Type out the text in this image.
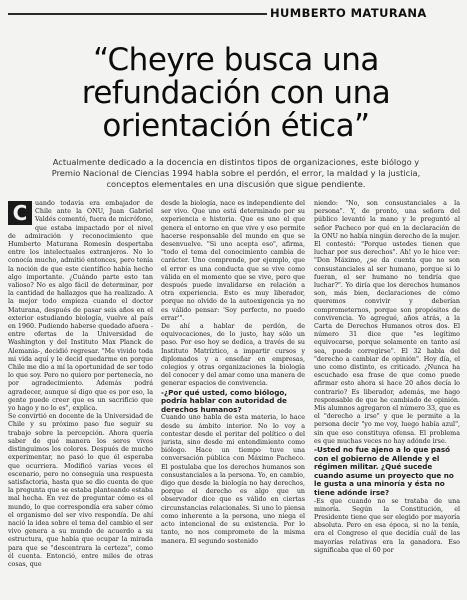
HUMBERTO MATURANA
“Cheyre busca una
refundación con una
orientación ética”
Actualmente dedicado a la docencia en distintos tipos de organizaciones, este biólogo y
Premio Nacional de Ciencias 1994 habla sobre el perdón, el error, la maldad y la justicia,
conceptos elementales en una discusión que sigue pendiente.
C	uando todavía era embajador de Chile ante la ONU, Juan Gabriel Valdés comentó, fuera de micrófono, que estaba impactado por el nivel de admiración y reconocimiento que Humberto Maturana Romesín despertaba entre los intelectuales extranjeros. No lo conocía mucho, admitió entonces, pero tenía la noción de que este científico había hecho algo importante. ¿Cuándo parte esto tan valioso? No es algo fácil de determinar, por la cantidad de hallazgos que ha realizado. A la mejor todo empieza cuando el doctor Maturana, después de pasar seis años en el exterior estudiando biología, vuelve al país en 1960. Pudiendo haberse quedado afuera -entre ofertas de la Universidad de Washington y del Instituto Max Planck de Alemania-, decidió regresar. "Me vivido toda mi vida aquí y le decid quedarme en porque Chile me dio a mí la oportunidad de ser todo lo que soy. Pero no quiero por pertenecía, no por agradecimiento. Además podrá agradecer, aunque sí digo que es por eso, la gente puede creer que es un sacrificio que yo hago y no lo es", explica.

Se convirtió en docente de la Universidad de Chile y su próximo paso fue seguir su trabajo sobre la percepción. Ahora quería saber de qué manera los seres vivos distinguimos los colores. Después de mucho experimentar, no pasó lo que él esperaba que ocurriera. Modificó varias veces el escenario, pero no conseguía una respuesta satisfactoria, hasta que se dio cuenta de que la pregunta que se estaba planteando estaba mal hecha. En vez de preguntar cómo es el mundo, lo que correspondía era saber cómo el organismo del ser vivo respondía. De ahí nació la idea sobre el tema del cambio el ser vivo genera a su mundo de acuerdo a su estructura, que había que ocupar la mirada para que se "descentrara la certeza", como él cuenta. Entonció, entre miles de otras cosas, que

desde la biología, nace es independiente del ser vivo. Que uno está determinado por su experiencia e historia. Que es uno el que genera el entorno en que vive y eso permite hacerse responsable del mundo en que se desenvuelve. "Si uno acepta eso", afirma, "todo el tema del conocimiento cambia de carácter. Uno comprende, por ejemplo, que el error es una conducta que se vive como válida en el momento que se vive, pero que después puede invalidarse en relación a otra experiencia. Esto es muy liberador, porque no olvido de la autoexigencia ya no es válido pensar: 'Soy perfecto, no puedo errar'".

De ahí a hablar de perdón, de equivocaciones, de lo justo, hay sólo un paso. Por eso hoy se dedica, a través de su Instituto Matríztico, a impartir cursos y diplomados y a enseñar en empresas, colegios y otras organizaciones la biología del conocer y del amar como una manera de generar espacios de convivencia.

-¿Por qué usted, como biólogo, podría hablar con autoridad de derechos humanos?

Cuando uno habla de esta materia, lo hace desde su ámbito interior. No lo voy a contestar desde el peritar del político o del jurista, sino desde mi entendimiento como biólogo. Hace un tiempo tuve una conversación pública con Máximo Pacheco. El postulaba que los derechos humanos son consustanciales a la persona. Yo, en cambio, digo que desde la biología no hay derechos, porque el derecho es algo que un observador dice que es válido en ciertas circunstancias relacionales. Si uno lo piensa como inherente a la persona, uno niega el acto intencional de su existencia. Por lo tanto, no nos compromete de la misma manera. El segundo sostenido

niendo: "No, son consustanciales a la persona". Y, de pronto, una señora del público levantó la mano y le preguntó al señor Pacheco por qué en la declaración de la ONU no había ningún derecho de la mujer. El contestó: "Porque ustedes tienen que luchar por sus derechos". Ah! yo le hice ver: "Don Máximo, ¿se da cuenta que no son consustanciales al ser humano, porque si lo fueran, el ser humano no tendría que luchar?". Yo diría que los derechos humanos son, más bien, declaraciones de cómo queremos convivir y deberían comprometernos, porque son propósitos de convivencia. Yo agregué, años atrás, a la Carta de Derechos Humanos otros dos. El número 31 dice que "es legítimo equivocarse, porque solamente en tanto así sea, puede corregirse". El 32 habla del "derecho a cambiar de opinión". Hoy día, el uno como distinto, es criticado. ¿Nunca ha escuchado esa frase de que como puede afirmar esto ahora si hace 20 años decía lo contrario? Es liberador, además, me hago responsable de que he cambiado de opinión. Mis alumnos agregaron el número 33, que es el "derecho a irse" y que le permite a la persona decir "yo me voy, luego había azul", sin que eso constituya ofensa. El problema es que muchas veces no hay adónde irse.

-Usted no fue ajeno a lo que pasó con el gobierno de Allende y el régimen militar. ¿Qué sucede cuando asume un proyecto que no le gusta a una minoría y ésta no tiene adónde irse?

-Es que cuando no se trataba de una minoría. Según la Constitución, el Presidente tiene que ser elegido por mayoría absoluta. Pero en esa época, si no la tenía, era el Congreso el que decidía cuál de las mayorías relativas era la ganadora. Eso significaba que el 60 por
